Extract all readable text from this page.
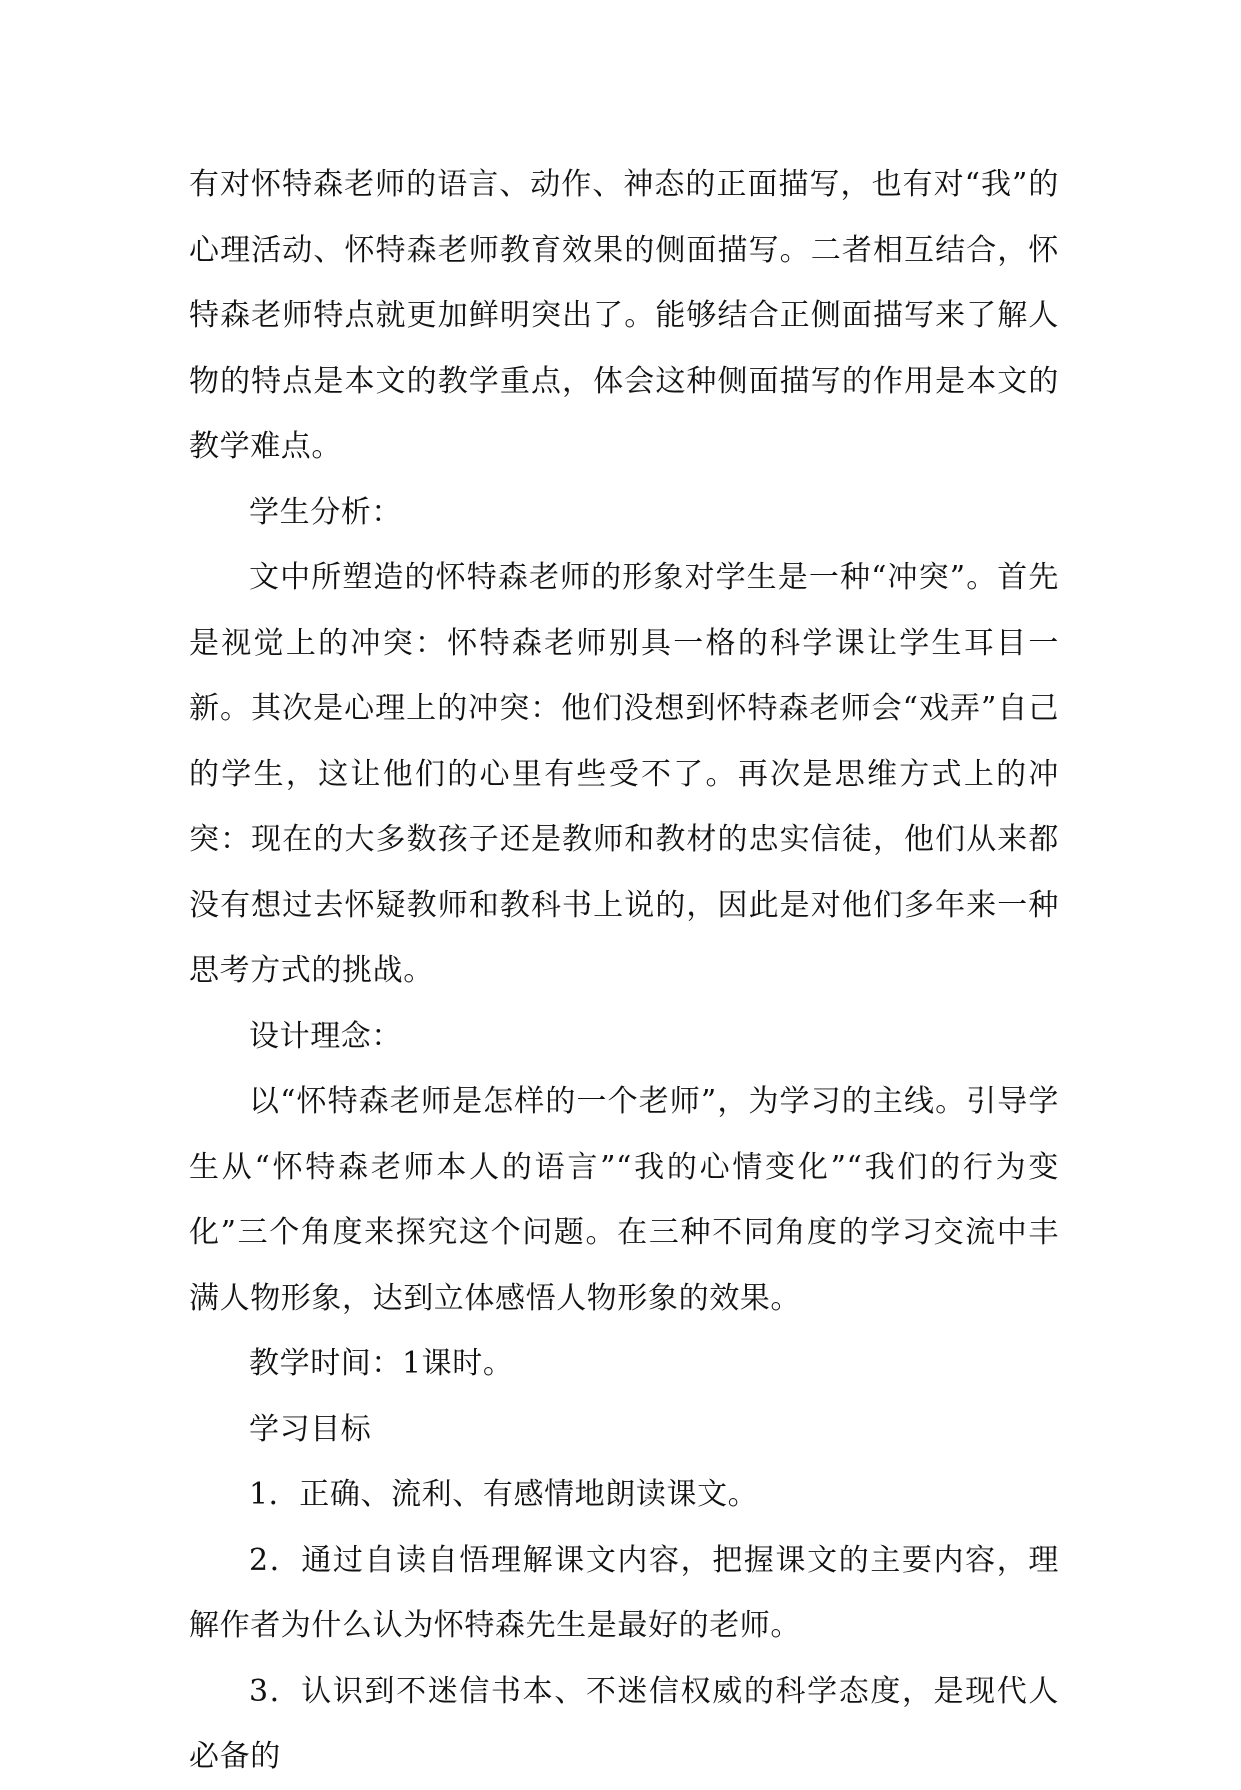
有对怀特森老师的语言、动作、神态的正面描写，也有对“我”的心理活动、怀特森老师教育效果的侧面描写。二者相互结合，怀特森老师特点就更加鲜明突出了。能够结合正侧面描写来了解人物的特点是本文的教学重点，体会这种侧面描写的作用是本文的教学难点。

学生分析：

文中所塑造的怀特森老师的形象对学生是一种“冲突”。首先是视觉上的冲突：怀特森老师别具一格的科学课让学生耳目一新。其次是心理上的冲突：他们没想到怀特森老师会“戏弄”自己的学生，这让他们的心里有些受不了。再次是思维方式上的冲突：现在的大多数孩子还是教师和教材的忠实信徒，他们从来都没有想过去怀疑教师和教科书上说的，因此是对他们多年来一种思考方式的挑战。

设计理念：

以“怀特森老师是怎样的一个老师”，为学习的主线。引导学生从“怀特森老师本人的语言”“我的心情变化”“我们的行为变化”三个角度来探究这个问题。在三种不同角度的学习交流中丰满人物形象，达到立体感悟人物形象的效果。

教学时间：1课时。

学习目标

1．正确、流利、有感情地朗读课文。

2．通过自读自悟理解课文内容，把握课文的主要内容，理解作者为什么认为怀特森先生是最好的老师。

3．认识到不迷信书本、不迷信权威的科学态度，是现代人必备的
